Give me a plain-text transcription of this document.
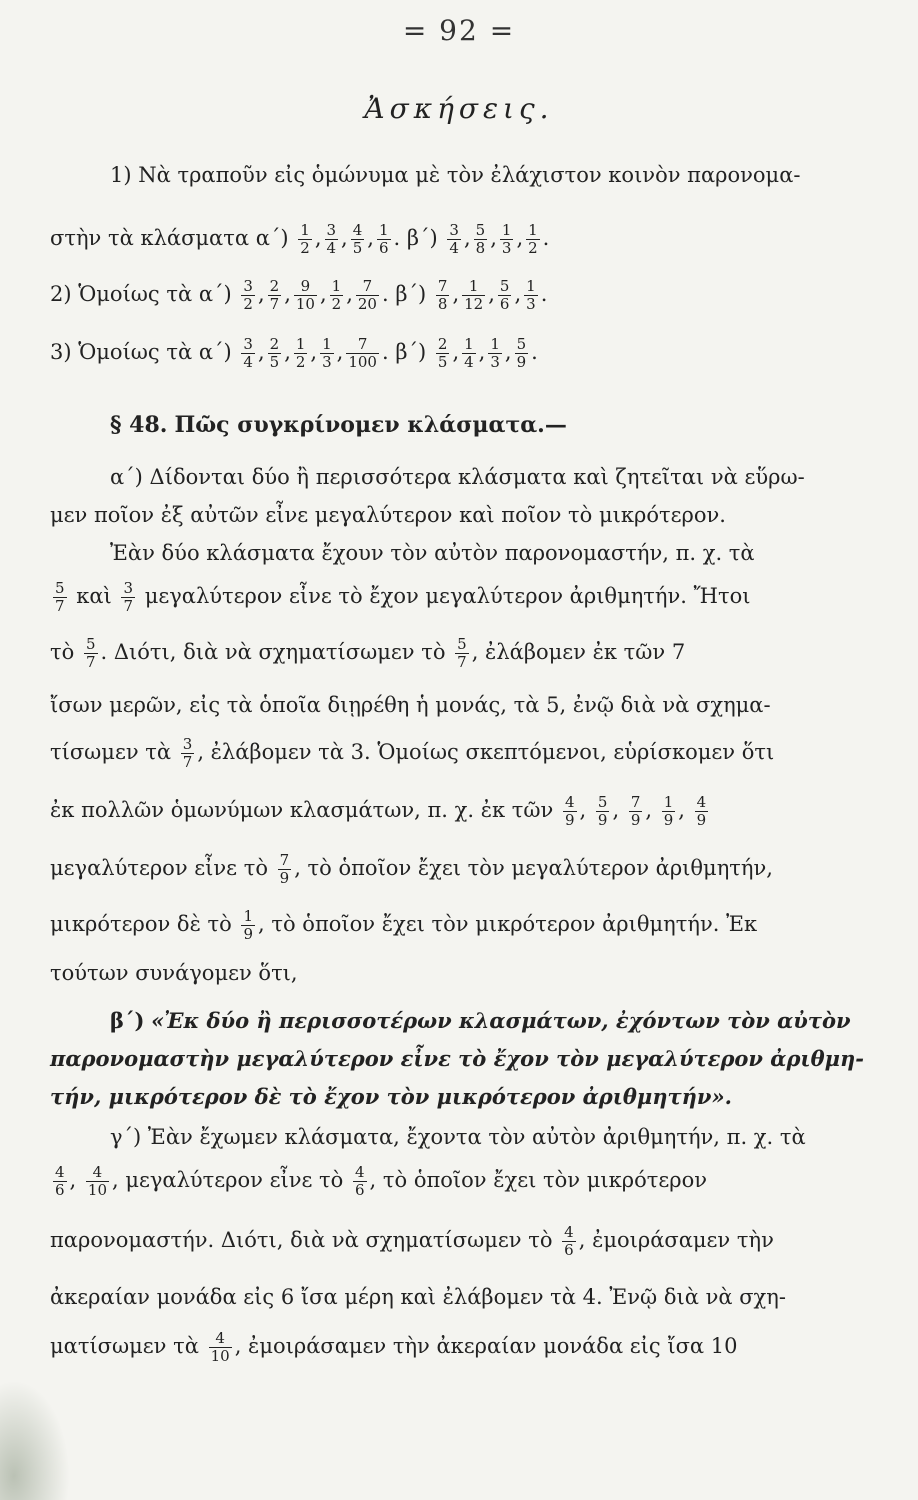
= 92 =
Ἀσκήσεις.
1) Νὰ τραποῦν εἰς ὁμώνυμα μὲ τὸν ἐλάχιστον κοινὸν παρονομα-
στὴν τὰ κλάσματα $\alpha΄) \frac{1}{2}$ , $\frac{3}{4}$ , $\frac{4}{5}$ , $\frac{1}{6}$ . $\beta΄) \frac{3}{4}$ , $\frac{5}{8}$ , $\frac{1}{3}$ , $\frac{1}{2}$ .
2) Ὁμοίως τὰ $\alpha΄) \frac{3}{2}$ , $\frac{2}{7}$ , $\frac{9}{10}$ , $\frac{1}{2}$ , $\frac{7}{20}$ . $\beta΄) \frac{7}{8}$ , $\frac{1}{12}$ , $\frac{5}{6}$ , $\frac{1}{3}$ .
3) Ὁμοίως τὰ $\alpha΄) \frac{3}{4}$ , $\frac{2}{5}$ , $\frac{1}{2}$ , $\frac{1}{3}$ , $\frac{7}{100}$ . $\beta΄) \frac{2}{5}$ , $\frac{1}{4}$ , $\frac{1}{3}$ , $\frac{5}{9}$ .
§ 48. Πῶς συγκρίνομεν κλάσματα.—
α΄) Δίδονται δύο ἢ περισσότερα κλάσματα καὶ ζητεῖται νὰ εὕρω-
μεν ποῖον ἐξ αὐτῶν εἶνε μεγαλύτερον καὶ ποῖον τὸ μικρότερον.
Ἐὰν δύο κλάσματα ἔχουν τὸν αὐτὸν παρονομαστήν, π. χ. τὰ
$\frac{5}{7}$ καὶ $\frac{3}{7}$ μεγαλύτερον εἶνε τὸ ἔχον μεγαλύτερον ἀριθμητήν. Ἤτοι
τὸ $\frac{5}{7}$ . Διότι, διὰ νὰ σχηματίσωμεν τὸ $\frac{5}{7}$ , ἐλάβομεν ἐκ τῶν 7
ἴσων μερῶν, εἰς τὰ ὁποῖα διῃρέθη ἡ μονάς, τὰ 5, ἐνῷ διὰ νὰ σχημα-
τίσωμεν τὰ $\frac{3}{7}$ , ἐλάβομεν τὰ 3. Ὁμοίως σκεπτόμενοι, εὑρίσκομεν ὅτι
ἐκ πολλῶν ὁμωνύμων κλασμάτων, π. χ. ἐκ τῶν $\frac{4}{9}$ , $\frac{5}{9}$ , $\frac{7}{9}$ , $\frac{1}{9}$ , $\frac{4}{9}$
μεγαλύτερον εἶνε τὸ $\frac{7}{9}$ , τὸ ὁποῖον ἔχει τὸν μεγαλύτερον ἀριθμητήν,
μικρότερον δὲ τὸ $\frac{1}{9}$ , τὸ ὁποῖον ἔχει τὸν μικρότερον ἀριθμητήν. Ἐκ
τούτων συνάγομεν ὅτι,
β΄) «Ἐκ δύο ἢ περισσοτέρων κλασμάτων, ἐχόντων τὸν αὐτὸν
παρονομαστὴν μεγαλύτερον εἶνε τὸ ἔχον τὸν μεγαλύτερον ἀριθμη-
τήν, μικρότερον δὲ τὸ ἔχον τὸν μικρότερον ἀριθμητήν».
γ΄) Ἐὰν ἔχωμεν κλάσματα, ἔχοντα τὸν αὐτὸν ἀριθμητήν, π. χ. τὰ
$\frac{4}{6}$ , $\frac{4}{10}$ , μεγαλύτερον εἶνε τὸ $\frac{4}{6}$ , τὸ ὁποῖον ἔχει τὸν μικρότερον
παρονομαστήν. Διότι, διὰ νὰ σχηματίσωμεν τὸ $\frac{4}{6}$ , ἐμοιράσαμεν τὴν
ἀκεραίαν μονάδα εἰς 6 ἴσα μέρη καὶ ἐλάβομεν τὰ 4. Ἐνῷ διὰ νὰ σχη-
ματίσωμεν τὰ $\frac{4}{10}$ , ἐμοιράσαμεν τὴν ἀκεραίαν μονάδα εἰς ἴσα 10
